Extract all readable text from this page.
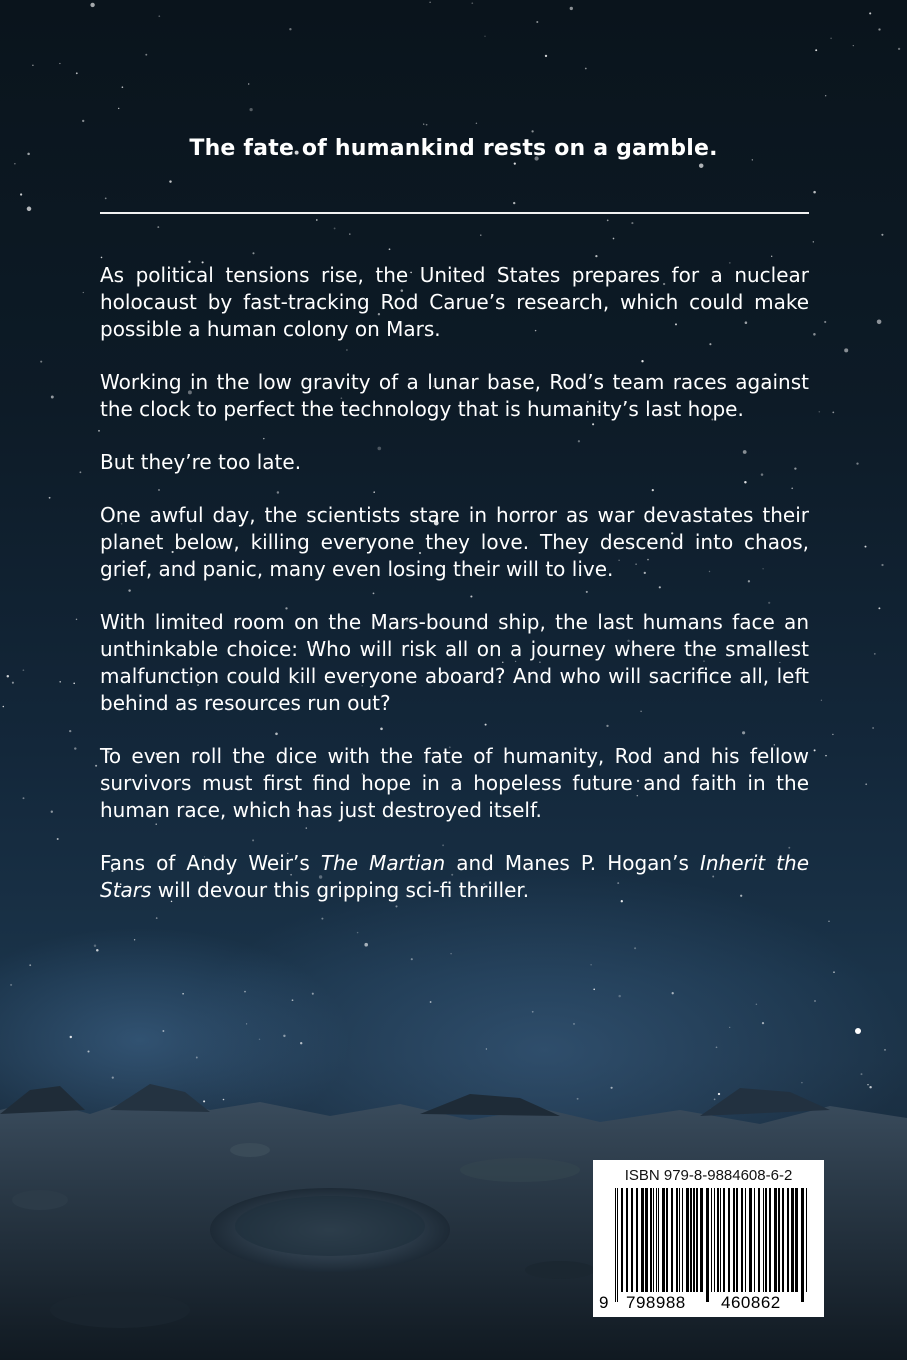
The fate of humankind rests on a gamble.

As political tensions rise, the United States prepares for a nuclear holocaust by fast-tracking Rod Carue’s research, which could make possible a human colony on Mars.

Working in the low gravity of a lunar base, Rod’s team races against the clock to perfect the technology that is humanity’s last hope.

But they’re too late.

One awful day, the scientists stare in horror as war devastates their planet below, killing everyone they love. They descend into chaos, grief, and panic, many even losing their will to live.

With limited room on the Mars-bound ship, the last humans face an unthinkable choice: Who will risk all on a journey where the smallest malfunction could kill everyone aboard? And who will sacrifice all, left behind as resources run out?

To even roll the dice with the fate of humanity, Rod and his fellow survivors must first find hope in a hopeless future and faith in the human race, which has just destroyed itself.

Fans of Andy Weir’s The Martian and Manes P. Hogan’s Inherit the Stars will devour this gripping sci-fi thriller.

ISBN 979-8-9884608-6-2
9 798988 460862
